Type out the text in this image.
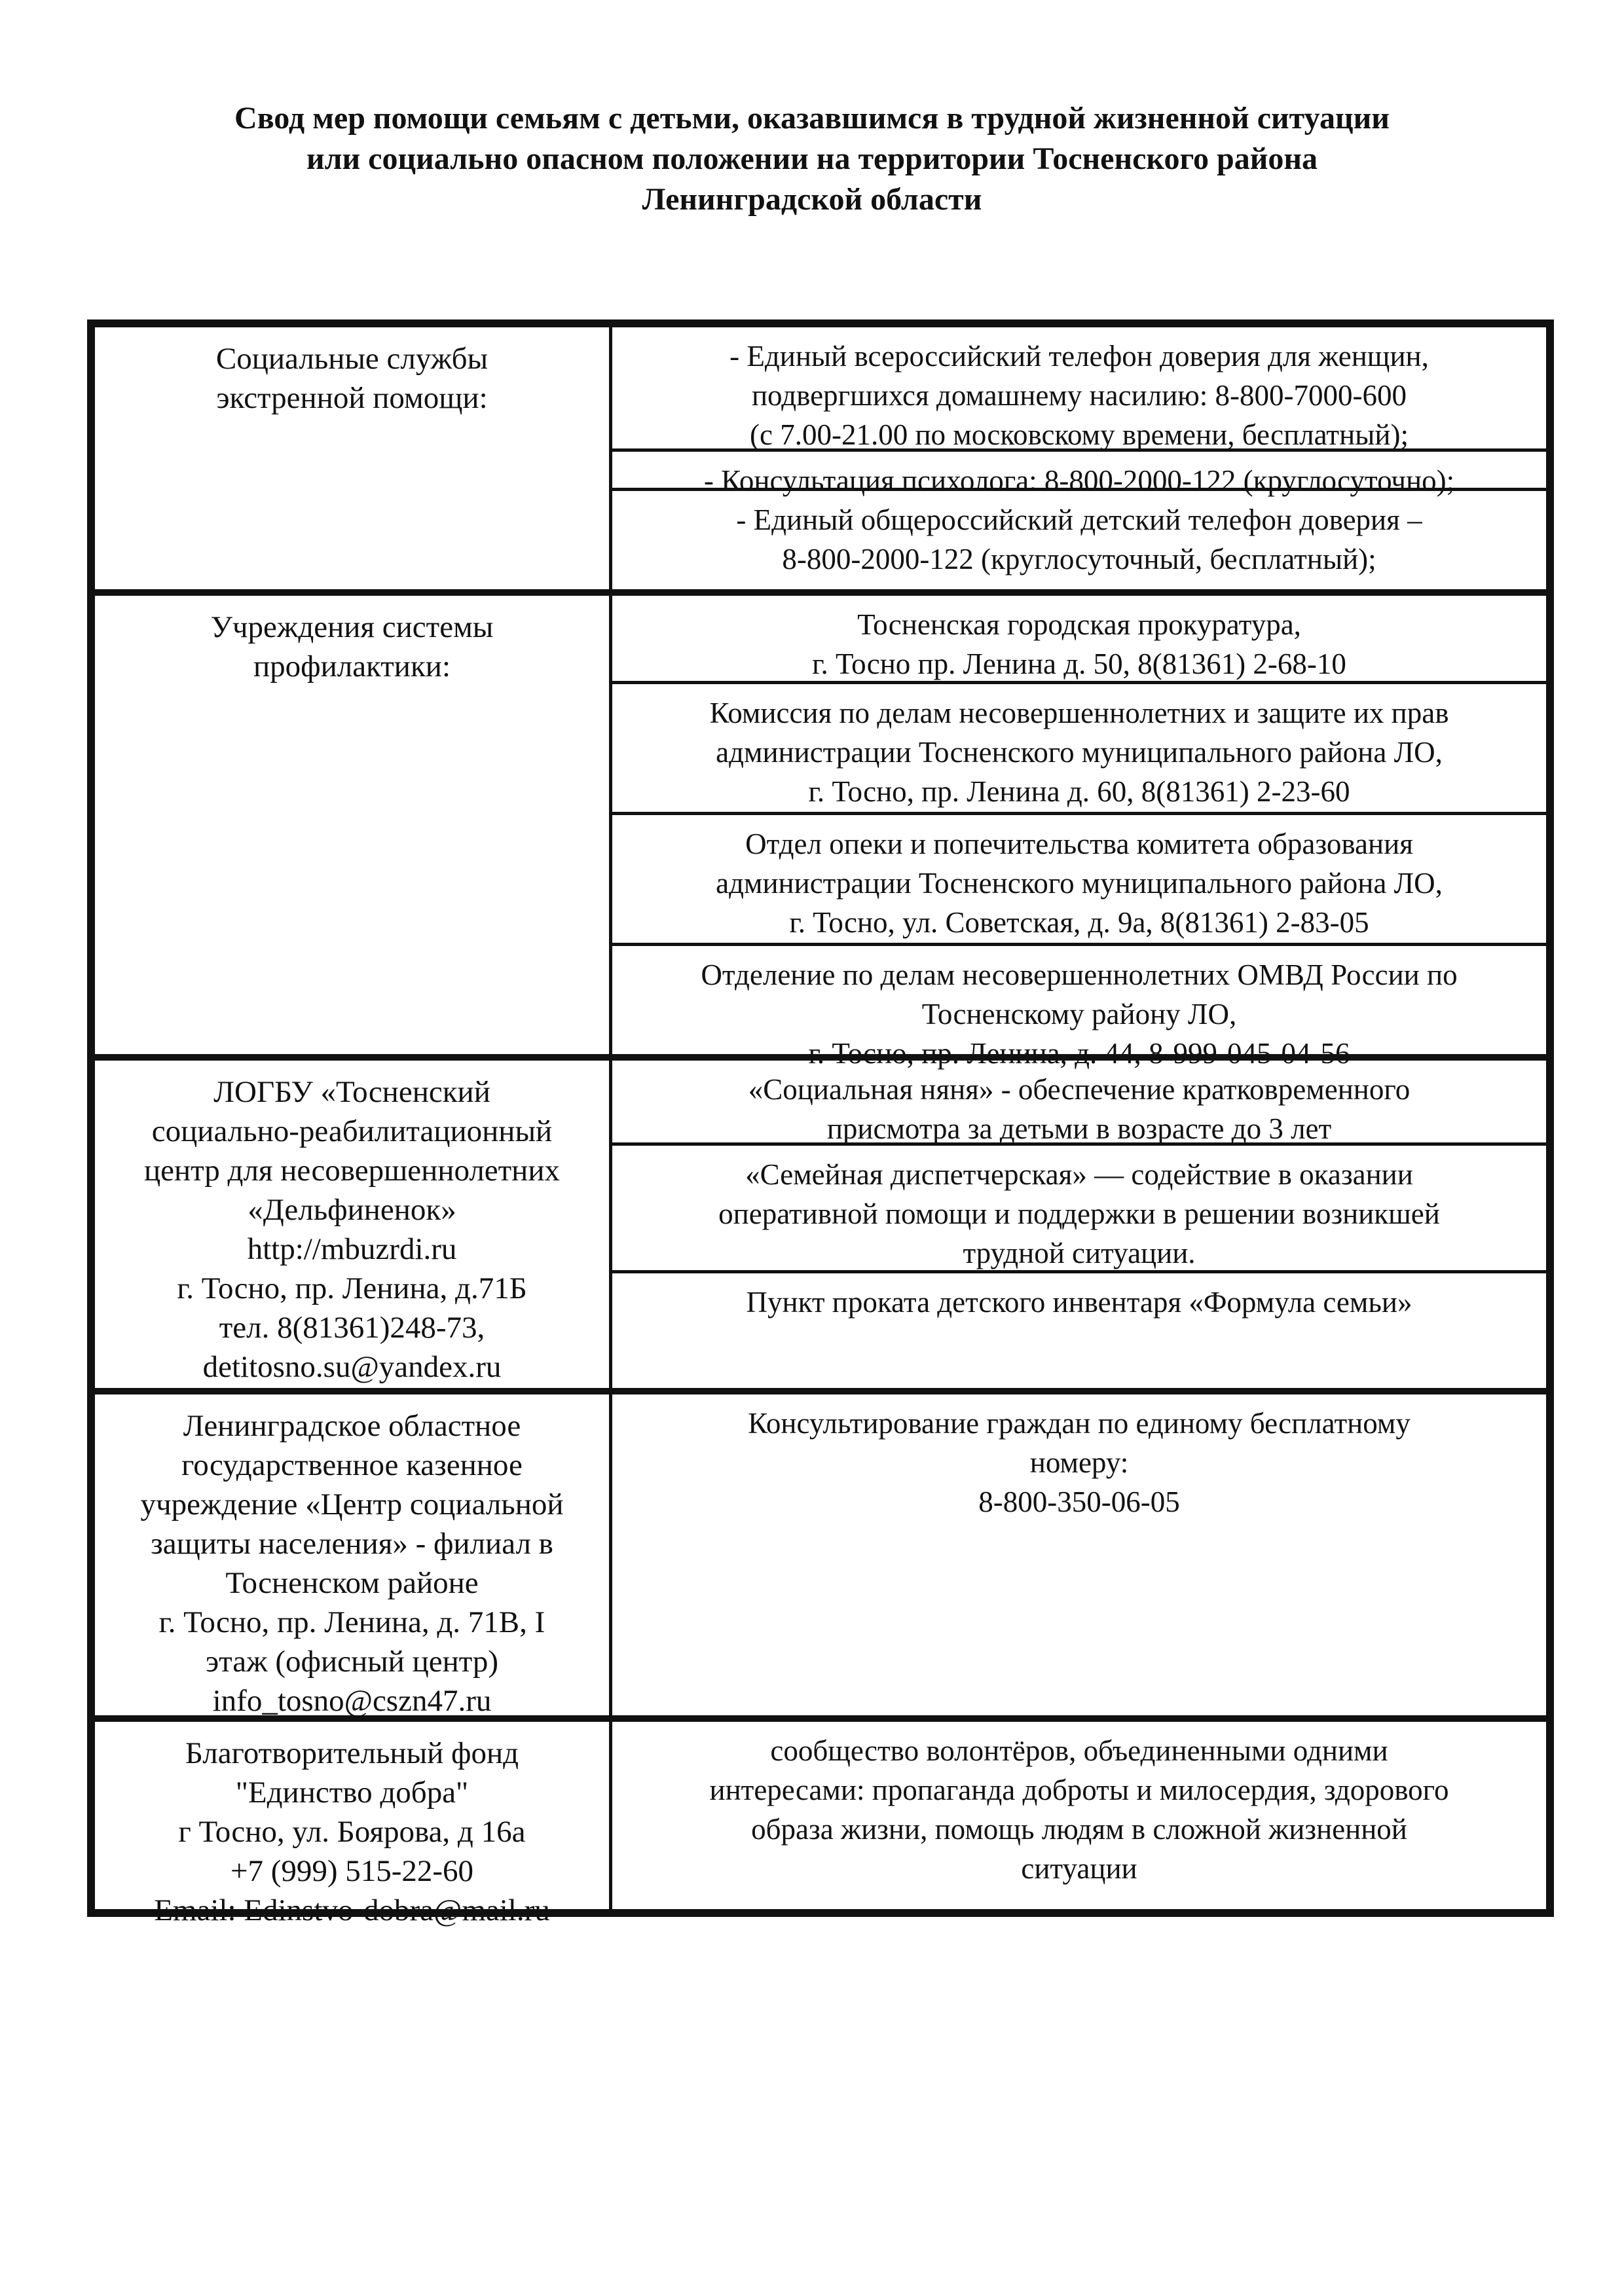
Свод мер помощи семьям с детьми, оказавшимся в трудной жизненной ситуации
или социально опасном положении на территории Тосненского района
Ленинградской области
Социальные службы
экстренной помощи:
- Единый всероссийский телефон доверия для женщин,
подвергшихся домашнему насилию: 8-800-7000-600
(с 7.00-21.00 по московскому времени, бесплатный);
- Консультация психолога: 8-800-2000-122 (круглосуточно);
- Единый общероссийский детский телефон доверия –
8-800-2000-122 (круглосуточный, бесплатный);
Учреждения системы
профилактики:
Тосненская городская прокуратура,
г. Тосно пр. Ленина д. 50, 8(81361) 2-68-10
Комиссия по делам несовершеннолетних и защите их прав
администрации Тосненского муниципального района ЛО,
г. Тосно, пр. Ленина д. 60, 8(81361) 2-23-60
Отдел опеки и попечительства комитета образования
администрации Тосненского муниципального района ЛО,
г. Тосно, ул. Советская, д. 9а, 8(81361) 2-83-05
Отделение по делам несовершеннолетних ОМВД России по
Тосненскому району ЛО,
г. Тосно, пр. Ленина, д. 44, 8-999-045-04-56
ЛОГБУ «Тосненский
социально-реабилитационный
центр для несовершеннолетних
«Дельфиненок»
http://mbuzrdi.ru
г. Тосно, пр. Ленина, д.71Б
тел. 8(81361)248-73,
detitosno.su@yandex.ru
«Социальная няня» - обеспечение кратковременного
присмотра за детьми в возрасте до 3 лет
«Семейная диспетчерская» — содействие в оказании
оперативной помощи и поддержки в решении возникшей
трудной ситуации.
Пункт проката детского инвентаря «Формула семьи»
Ленинградское областное
государственное казенное
учреждение «Центр социальной
защиты населения» - филиал в
Тосненском районе
г. Тосно, пр. Ленина, д. 71В, I
этаж (офисный центр)
info_tosno@cszn47.ru
Консультирование граждан по единому бесплатному
номеру:
8-800-350-06-05
Благотворительный фонд
"Единство добра"
г Тосно, ул. Боярова, д 16а
+7 (999) 515-22-60
Email: Edinstvo-dobra@mail.ru
сообщество волонтёров, объединенными одними
интересами: пропаганда доброты и милосердия, здорового
образа жизни, помощь людям в сложной жизненной
ситуации
